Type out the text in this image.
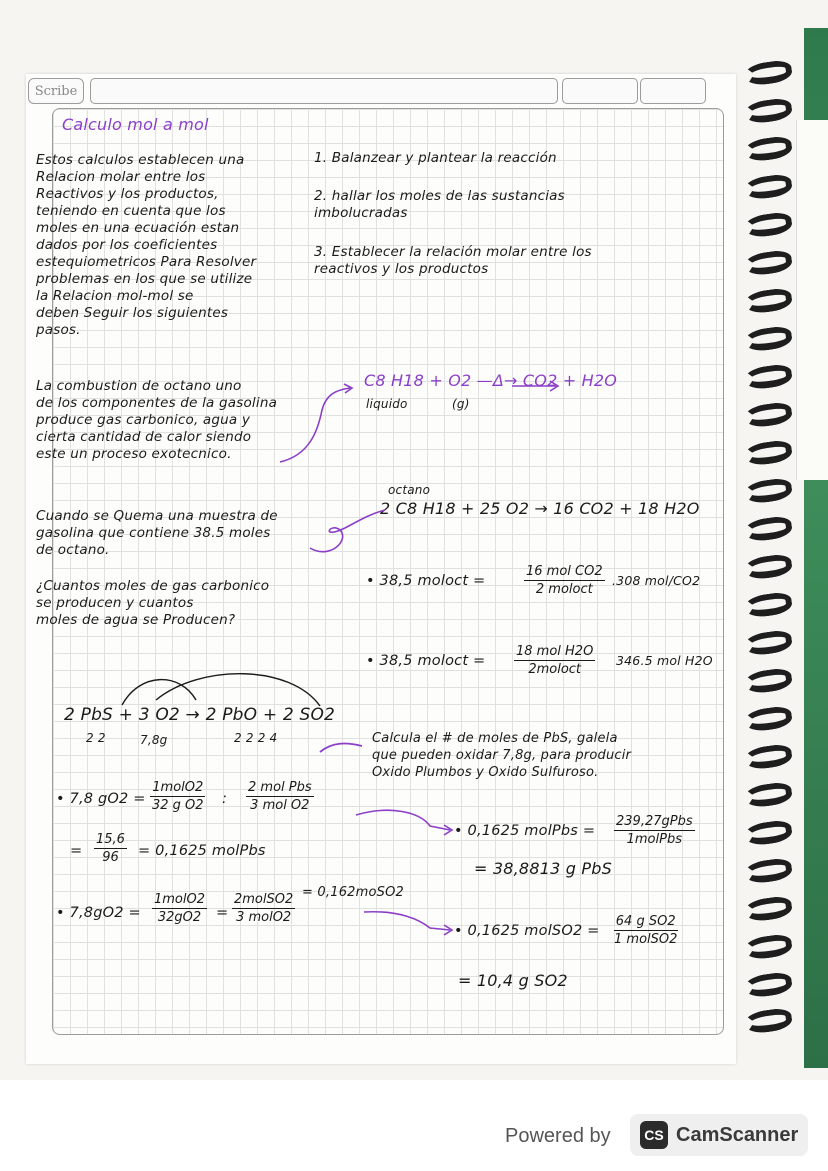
Scribe

Calculo mol a mol

Estos calculos establecen una
Relacion molar entre los
Reactivos y los productos,
teniendo en cuenta que los
moles en una ecuación estan
dados por los coeficientes
estequiometricos Para Resolver
problemas en los que se utilize
la Relacion mol-mol se
deben Seguir los siguientes
pasos.

1. Balanzear y plantear la reacción

2. hallar los moles de las sustancias
imbolucradas

3. Establecer la relación molar entre los
reactivos y los productos

La combustion de octano uno
de los componentes de la gasolina
produce gas carbonico, agua y
cierta cantidad de calor siendo
este un proceso exotecnico.

C8 H18 + O2 —Δ→ CO2 + H2O

liquido	(g)

Cuando se Quema una muestra de
gasolina que contiene 38.5 moles
de octano.

¿Cuantos moles de gas carbonico
se producen y cuantos
moles de agua se Producen?

octano

2 C8 H18 + 25 O2 → 16 CO2 + 18 H2O

• 38,5 moloct =

16 mol CO2
2 moloct

.308 mol/CO2

• 38,5 moloct =

18 mol H2O
2moloct

346.5 mol H2O

2 PbS + 3 O2 → 2 PbO + 2 SO2

2 2	7,8g	2 2 2 4	Calcula el # de moles de PbS, galela
que pueden oxidar 7,8g, para producir
Oxido Plumbos y Oxido Sulfuroso.

• 7,8 gO2 =

1molO2
32 g O2 :

2 mol Pbs
3 mol O2

= $\frac{15,6}{96} = 0,1625$ molPbs

• 7,8gO2 =

1molO2
32gO2 =

2molSO2
3 molO2

= 0,162moSO2

• 0,1625 molPbs =

239,27gPbs
1molPbs

= 38,8813 g PbS

• 0,1625 molSO2 =

64 g SO2
1 molSO2

= 10,4 g SO2

Powered by	CS CamScanner
